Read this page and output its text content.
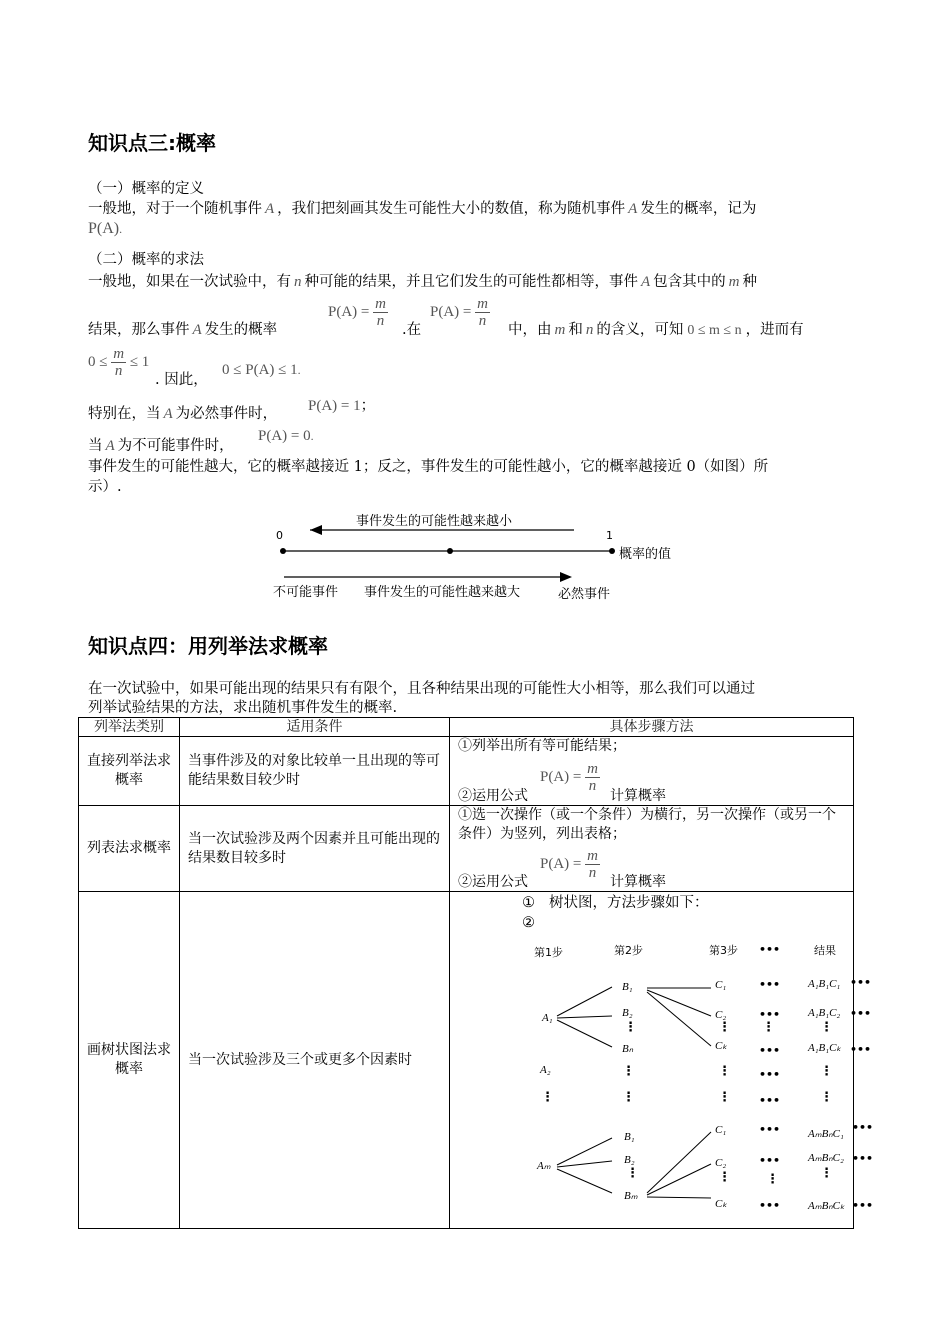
知识点三:概率
（一）概率的定义
一般地，对于一个随机事件 A ，我们把刻画其发生可能性大小的数值，称为随机事件 A 发生的概率，记为
P(A).
（二）概率的求法
一般地，如果在一次试验中，有 n 种可能的结果，并且它们发生的可能性都相等，事件 A 包含其中的 m 种
结果，那么事件 A 发生的概率
$P(A) = \frac{m}{n}$
.在
$P(A) = \frac{m}{n}$
中，由 m 和 n 的含义，可知 0 ≤ m ≤ n ，进而有
$0 \le \frac{m}{n} \le 1$
. 因此，
0 ≤ P(A) ≤ 1.
特别在，当 A 为必然事件时， P(A) = 1；
当 A 为不可能事件时，
P(A) = 0.
事件发生的可能性越大，它的概率越接近 1；反之，事件发生的可能性越小，它的概率越接近 0（如图）所
示）.
事件发生的可能性越来越小
0	1
概率的值
不可能事件 事件发生的可能性越来越大	必然事件
知识点四：用列举法求概率
在一次试验中，如果可能出现的结果只有有限个，且各种结果出现的可能性大小相等，那么我们可以通过
列举试验结果的方法，求出随机事件发生的概率.
列举法类别	适用条件	具体步骤方法
直接列举法求概率	当事件涉及的对象比较单一且出现的等可能结果数目较少时	①列举出所有等可能结果；
$P(A) = \frac{m}{n}$
②运用公式 计算概率

列表法求概率	当一次试验涉及两个因素并且可能出现的结果数目较多时	①选一次操作（或一个条件）为横行，另一次操作（或另一个条件）为竖列，列出表格；
$P(A) = \frac{m}{n}$
②运用公式 计算概率

画树状图法求概率	当一次试验涉及三个或更多个因素时	
① 树状图，方法步骤如下：
②
第1步	第2步	第3步 •••	结果
A₁
B₁
B₂
⋮
Bₙ
C₁
C₂
⋮
Cₖ
•••
•••
⋮
•••
A₁B₁C₁ •••
A₁B₁C₂ •••
⋮
A₁B₁Cₖ •••
A₂	⋮	⋮	•••	⋮
⋮	⋮	⋮	•••	⋮
Aₘ
B₁
B₂
⋮
Bₘ
C₁
C₂
⋮
Cₖ
•••
•••
⋮
•••
AₘBₙC₁ •••
AₘBₙC₂ •••
⋮
AₘBₙCₖ •••
